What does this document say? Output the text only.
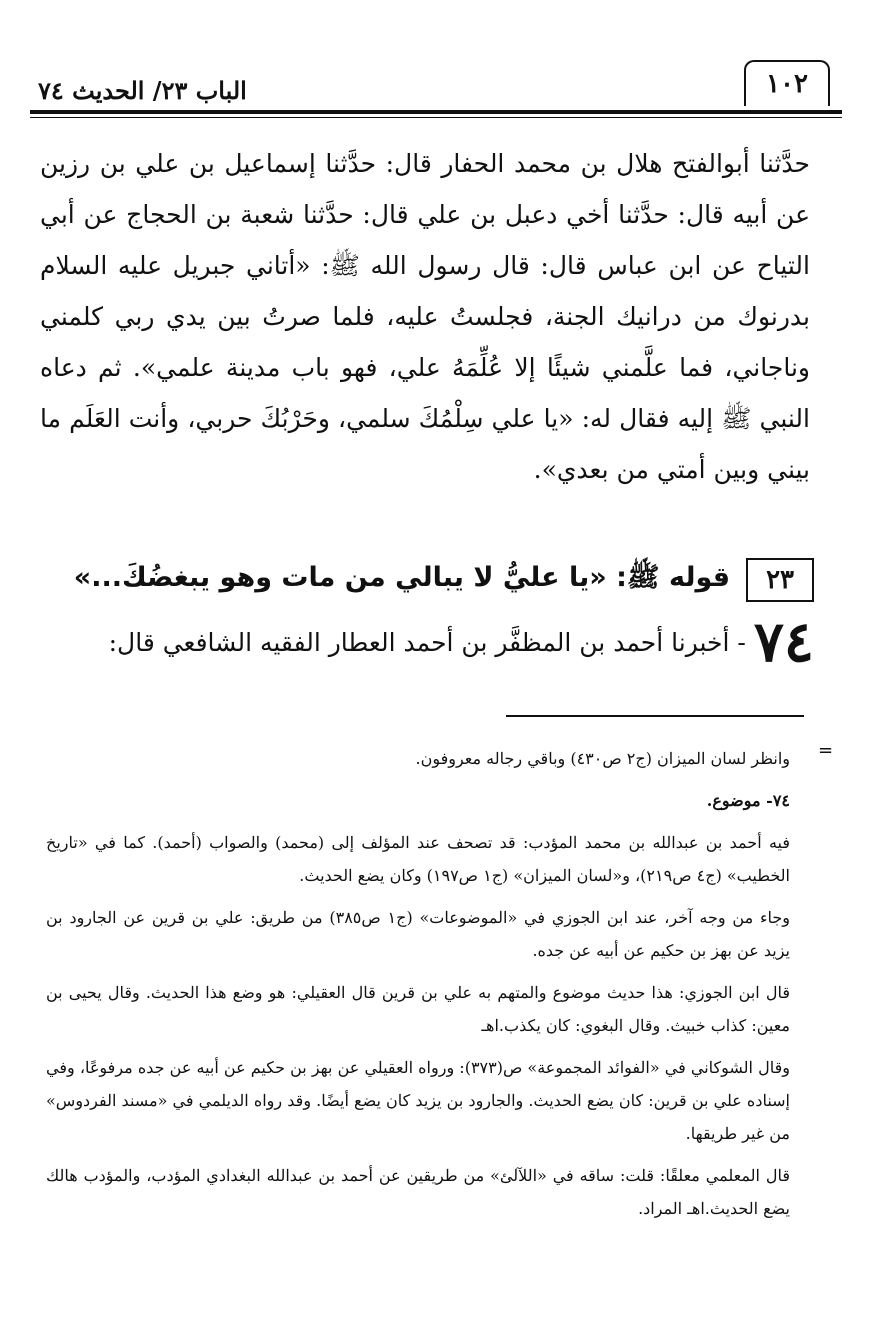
الباب ٢٣/ الحديث ٧٤	١٠٢
حدَّثنا أبوالفتح هلال بن محمد الحفار قال: حدَّثنا إسماعيل بن علي بن رزين عن أبيه قال: حدَّثنا أخي دعبل بن علي قال: حدَّثنا شعبة بن الحجاج عن أبي التياح عن ابن عباس قال: قال رسول الله ﷺ: «أتاني جبريل عليه السلام بدرنوك من درانيك الجنة، فجلستُ عليه، فلما صرتُ بين يدي ربي كلمني وناجاني، فما علَّمني شيئًا إلا عُلِّمَهُ علي، فهو باب مدينة علمي». ثم دعاه النبي ﷺ إليه فقال له: «يا علي سِلْمُكَ سلمي، وحَرْبُكَ حربي، وأنت العَلَم ما بيني وبين أمتي من بعدي».
٢٣
قوله ﷺ: «يا عليُّ لا يبالي من مات وهو يبغضُكَ...»
٧٤
- أخبرنا أحمد بن المظفَّر بن أحمد العطار الفقيه الشافعي قال:
=

وانظر لسان الميزان (ج٢ ص٤٣٠) وباقي رجاله معروفون.

٧٤- موضوع.

فيه أحمد بن عبدالله بن محمد المؤدب: قد تصحف عند المؤلف إلى (محمد) والصواب (أحمد). كما في «تاريخ الخطيب» (ج٤ ص٢١٩)، و«لسان الميزان» (ج١ ص١٩٧) وكان يضع الحديث.

وجاء من وجه آخر، عند ابن الجوزي في «الموضوعات» (ج١ ص٣٨٥) من طريق: علي بن قرين عن الجارود بن يزيد عن بهز بن حكيم عن أبيه عن جده.

قال ابن الجوزي: هذا حديث موضوع والمتهم به علي بن قرين قال العقيلي: هو وضع هذا الحديث. وقال يحيى بن معين: كذاب خبيث. وقال البغوي: كان يكذب.اهـ

وقال الشوكاني في «الفوائد المجموعة» ص(٣٧٣): ورواه العقيلي عن بهز بن حكيم عن أبيه عن جده مرفوعًا، وفي إسناده علي بن قرين: كان يضع الحديث. والجارود بن يزيد كان يضع أيضًا. وقد رواه الديلمي في «مسند الفردوس» من غير طريقها.

قال المعلمي معلقًا: قلت: ساقه في «اللآلئ» من طريقين عن أحمد بن عبدالله البغدادي المؤدب، والمؤدب هالك يضع الحديث.اهـ المراد.
